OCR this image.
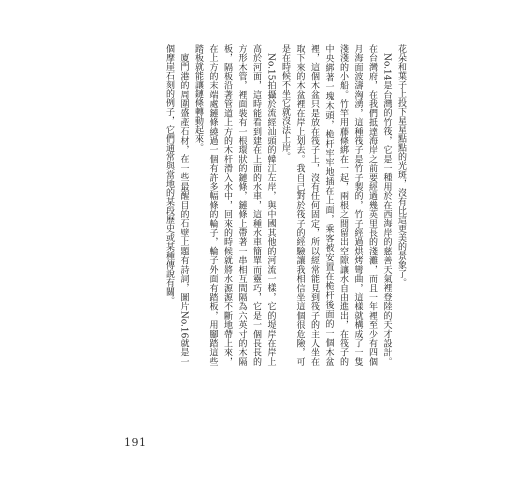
花朵和葉子上投下星星點點的光斑，沒有比這更美的景象了。

No.14是台灣的竹筏，它是一種用於在西海岸的慈善天氣裡登陸的天才設計。在台灣府，在我們抵達海岸之前要經過幾英里長的淺灘，而且一年裡至少有四個月海面波濤洶湧，這種筏子是竹子製的，竹子經過烘烤彎曲，這樣就構成了一隻淺淺的小船。竹竿用藤條綁在一起，兩根之間留出空隙讓水自由進出，在筏子的中央綁著一塊木頭，桅杆牢牢地插在上面，乘客被安置在桅杆後面的一個木盆裡，這個木盆只是放在筏子上，沒有任何固定，所以經常能見到筏子的主人坐在取下來的木盆裡在岸上划去。我自己對於筏子的經驗讓我相信坐這個很危險，可是在時候不坐它就沒法上岸。

No.15拍攝於流經汕頭的韓江左岸，與中國其他的河流一樣，它的堤岸在岸上高於河面，這時能看到建在上面的水車，這種水車簡單而靈巧，它是一個長長的方形木管，裡面裝有一根環狀的鏈條，鏈條上帶著一串相互間隔為六英寸的木隔板，隔板沿著管道上方的木杆滑入水中，回來的時候就將水源源不斷地帶上來，在上方的末端處鏈條繞過一個有許多幅條的輪子，輪子外面有踏板，用腳踏這些踏板就能讓鏈條轉動起來。

廈門港的周圍盛產石材，在一些最醒目的石壁上題有詩詞，圖片No.16就是一個摩崖石刻的例子，它們通常與當地的某段歷史或某種傳說有關。

191
